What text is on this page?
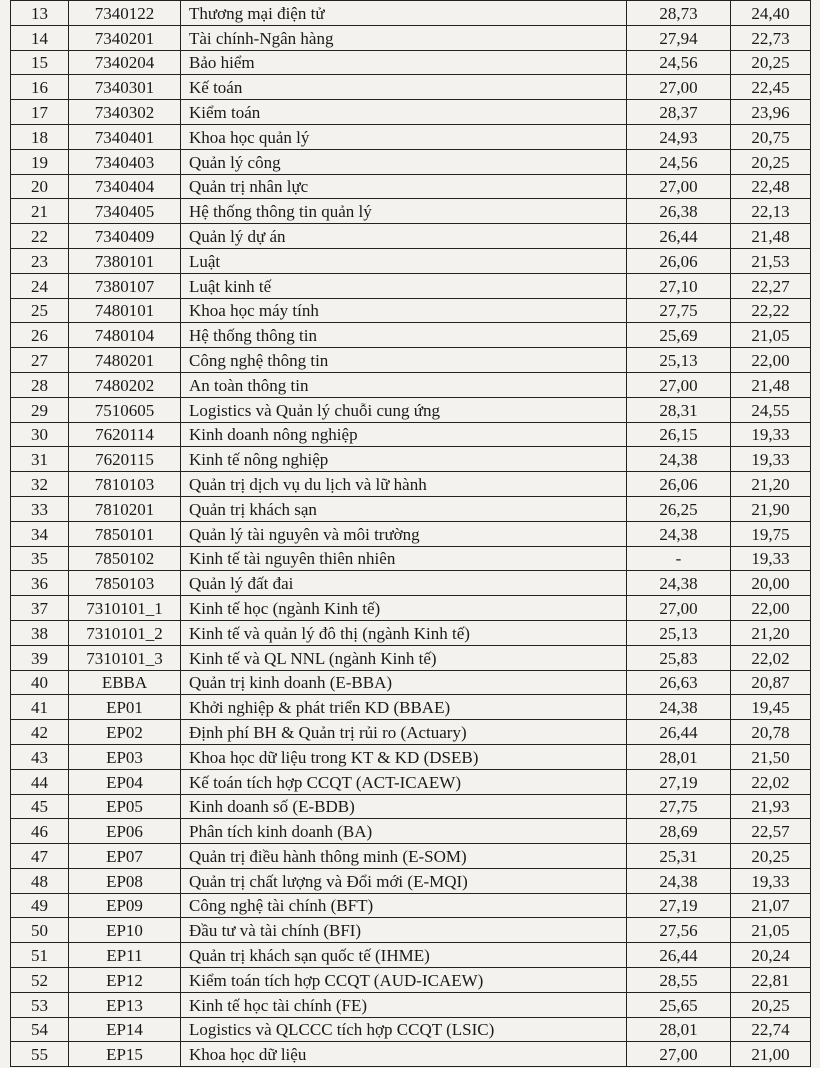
13	7340122	Thương mại điện tử	28,73	24,40
14	7340201	Tài chính-Ngân hàng	27,94	22,73
15	7340204	Bảo hiểm	24,56	20,25
16	7340301	Kế toán	27,00	22,45
17	7340302	Kiểm toán	28,37	23,96
18	7340401	Khoa học quản lý	24,93	20,75
19	7340403	Quản lý công	24,56	20,25
20	7340404	Quản trị nhân lực	27,00	22,48
21	7340405	Hệ thống thông tin quản lý	26,38	22,13
22	7340409	Quản lý dự án	26,44	21,48
23	7380101	Luật	26,06	21,53
24	7380107	Luật kinh tế	27,10	22,27
25	7480101	Khoa học máy tính	27,75	22,22
26	7480104	Hệ thống thông tin	25,69	21,05
27	7480201	Công nghệ thông tin	25,13	22,00
28	7480202	An toàn thông tin	27,00	21,48
29	7510605	Logistics và Quản lý chuỗi cung ứng	28,31	24,55
30	7620114	Kinh doanh nông nghiệp	26,15	19,33
31	7620115	Kinh tế nông nghiệp	24,38	19,33
32	7810103	Quản trị dịch vụ du lịch và lữ hành	26,06	21,20
33	7810201	Quản trị khách sạn	26,25	21,90
34	7850101	Quản lý tài nguyên và môi trường	24,38	19,75
35	7850102	Kinh tế tài nguyên thiên nhiên	-	19,33
36	7850103	Quản lý đất đai	24,38	20,00
37	7310101_1	Kinh tế học (ngành Kinh tế)	27,00	22,00
38	7310101_2	Kinh tế và quản lý đô thị (ngành Kinh tế)	25,13	21,20
39	7310101_3	Kinh tế và QL NNL (ngành Kinh tế)	25,83	22,02
40	EBBA	Quản trị kinh doanh (E-BBA)	26,63	20,87
41	EP01	Khởi nghiệp & phát triển KD (BBAE)	24,38	19,45
42	EP02	Định phí BH & Quản trị rủi ro (Actuary)	26,44	20,78
43	EP03	Khoa học dữ liệu trong KT & KD (DSEB)	28,01	21,50
44	EP04	Kế toán tích hợp CCQT (ACT-ICAEW)	27,19	22,02
45	EP05	Kinh doanh số (E-BDB)	27,75	21,93
46	EP06	Phân tích kinh doanh (BA)	28,69	22,57
47	EP07	Quản trị điều hành thông minh (E-SOM)	25,31	20,25
48	EP08	Quản trị chất lượng và Đổi mới (E-MQI)	24,38	19,33
49	EP09	Công nghệ tài chính (BFT)	27,19	21,07
50	EP10	Đầu tư và tài chính (BFI)	27,56	21,05
51	EP11	Quản trị khách sạn quốc tế (IHME)	26,44	20,24
52	EP12	Kiểm toán tích hợp CCQT (AUD-ICAEW)	28,55	22,81
53	EP13	Kinh tế học tài chính (FE)	25,65	20,25
54	EP14	Logistics và QLCCC tích hợp CCQT (LSIC)	28,01	22,74
55	EP15	Khoa học dữ liệu	27,00	21,00
